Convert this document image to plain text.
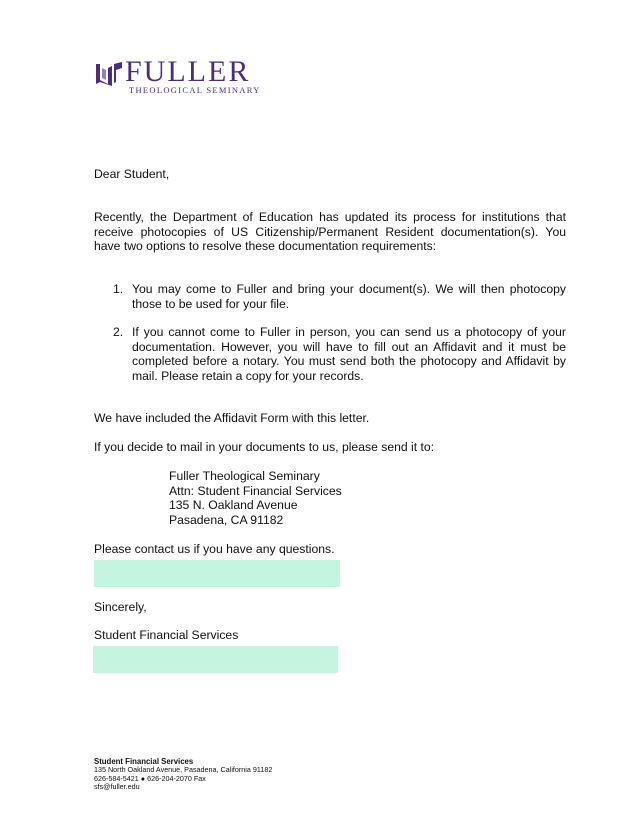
FULLER
THEOLOGICAL SEMINARY

Dear Student,

Recently, the Department of Education has updated its process for institutions that receive photocopies of US Citizenship/Permanent Resident documentation(s). You have two options to resolve these documentation requirements:

1. You may come to Fuller and bring your document(s). We will then photocopy those to be used for your file.

2. If you cannot come to Fuller in person, you can send us a photocopy of your documentation. However, you will have to fill out an Affidavit and it must be completed before a notary. You must send both the photocopy and Affidavit by mail. Please retain a copy for your records.

We have included the Affidavit Form with this letter.

If you decide to mail in your documents to us, please send it to:

Fuller Theological Seminary
Attn: Student Financial Services
135 N. Oakland Avenue
Pasadena, CA 91182

Please contact us if you have any questions.

Sincerely,

Student Financial Services

Student Financial Services
135 North Oakland Avenue, Pasadena, California 91182
626-584-5421 ● 626-204-2070 Fax
sfs@fuller.edu
